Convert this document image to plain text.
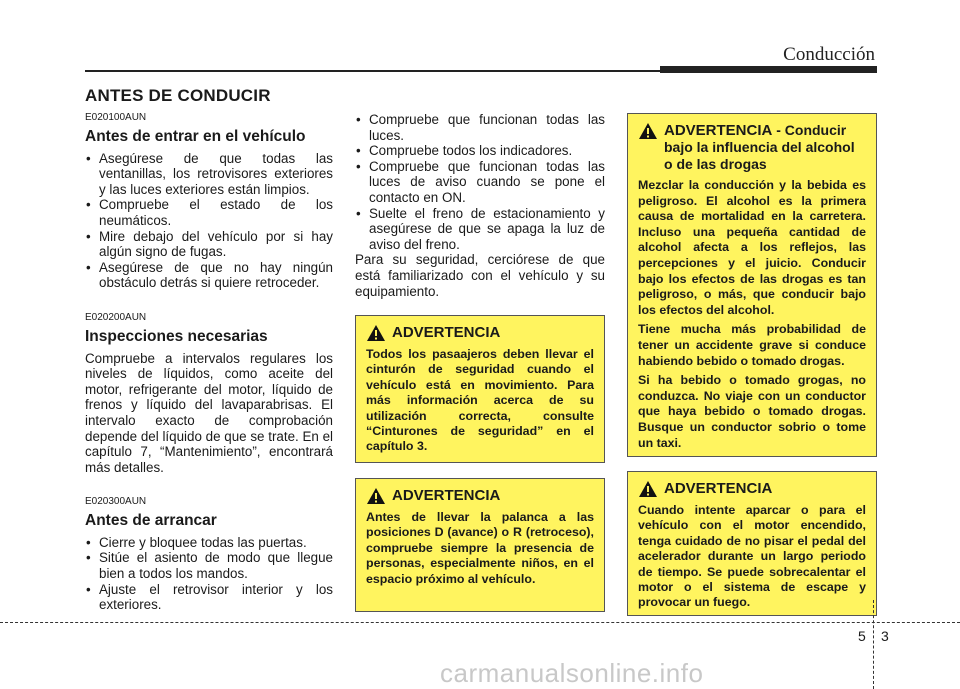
Conducción
ANTES DE CONDUCIR
E020100AUN
Antes de entrar en el vehículo
• Asegúrese de que todas las ventanillas, los retrovisores exteriores y las luces exteriores están limpios.
• Compruebe el estado de los neumáticos.
• Mire debajo del vehículo por si hay algún signo de fugas.
• Asegúrese de que no hay ningún obstáculo detrás si quiere retroceder.
E020200AUN
Inspecciones necesarias

Compruebe a intervalos regulares los niveles de líquidos, como aceite del motor, refrigerante del motor, líquido de frenos y líquido del lavaparabrisas. El intervalo exacto de comprobación depende del líquido de que se trate. En el capítulo 7, “Mantenimiento”, encontrará más detalles.

E020300AUN
Antes de arrancar
• Cierre y bloquee todas las puertas.
• Sitúe el asiento de modo que llegue bien a todos los mandos.
• Ajuste el retrovisor interior y los exteriores.
• Compruebe que funcionan todas las luces.
• Compruebe todos los indicadores.
• Compruebe que funcionan todas las luces de aviso cuando se pone el contacto en ON.
• Suelte el freno de estacionamiento y asegúrese de que se apaga la luz de aviso del freno.

Para su seguridad, cerciórese de que está familiarizado con el vehículo y su equipamiento.

ADVERTENCIA

Todos los pasaajeros deben llevar el cinturón de seguridad cuando el vehículo está en movimiento. Para más información acerca de su utilización correcta, consulte “Cinturones de seguridad” en el capítulo 3.

ADVERTENCIA

Antes de llevar la palanca a las posiciones D (avance) o R (retroceso), compruebe siempre la presencia de personas, especialmente niños, en el espacio próximo al vehículo.

ADVERTENCIA - Conducir bajo la influencia del alcohol o de las drogas

Mezclar la conducción y la bebida es peligroso. El alcohol es la primera causa de mortalidad en la carretera. Incluso una pequeña cantidad de alcohol afecta a los reflejos, las percepciones y el juicio. Conducir bajo los efectos de las drogas es tan peligroso, o más, que conducir bajo los efectos del alcohol.

Tiene mucha más probabilidad de tener un accidente grave si conduce habiendo bebido o tomado drogas.

Si ha bebido o tomado grogas, no conduzca. No viaje con un conductor que haya bebido o tomado drogas. Busque un conductor sobrio o tome un taxi.

ADVERTENCIA

Cuando intente aparcar o para el vehículo con el motor encendido, tenga cuidado de no pisar el pedal del acelerador durante un largo periodo de tiempo. Se puede sobrecalentar el motor o el sistema de escape y provocar un fuego.

5 3
carmanualsonline.info
